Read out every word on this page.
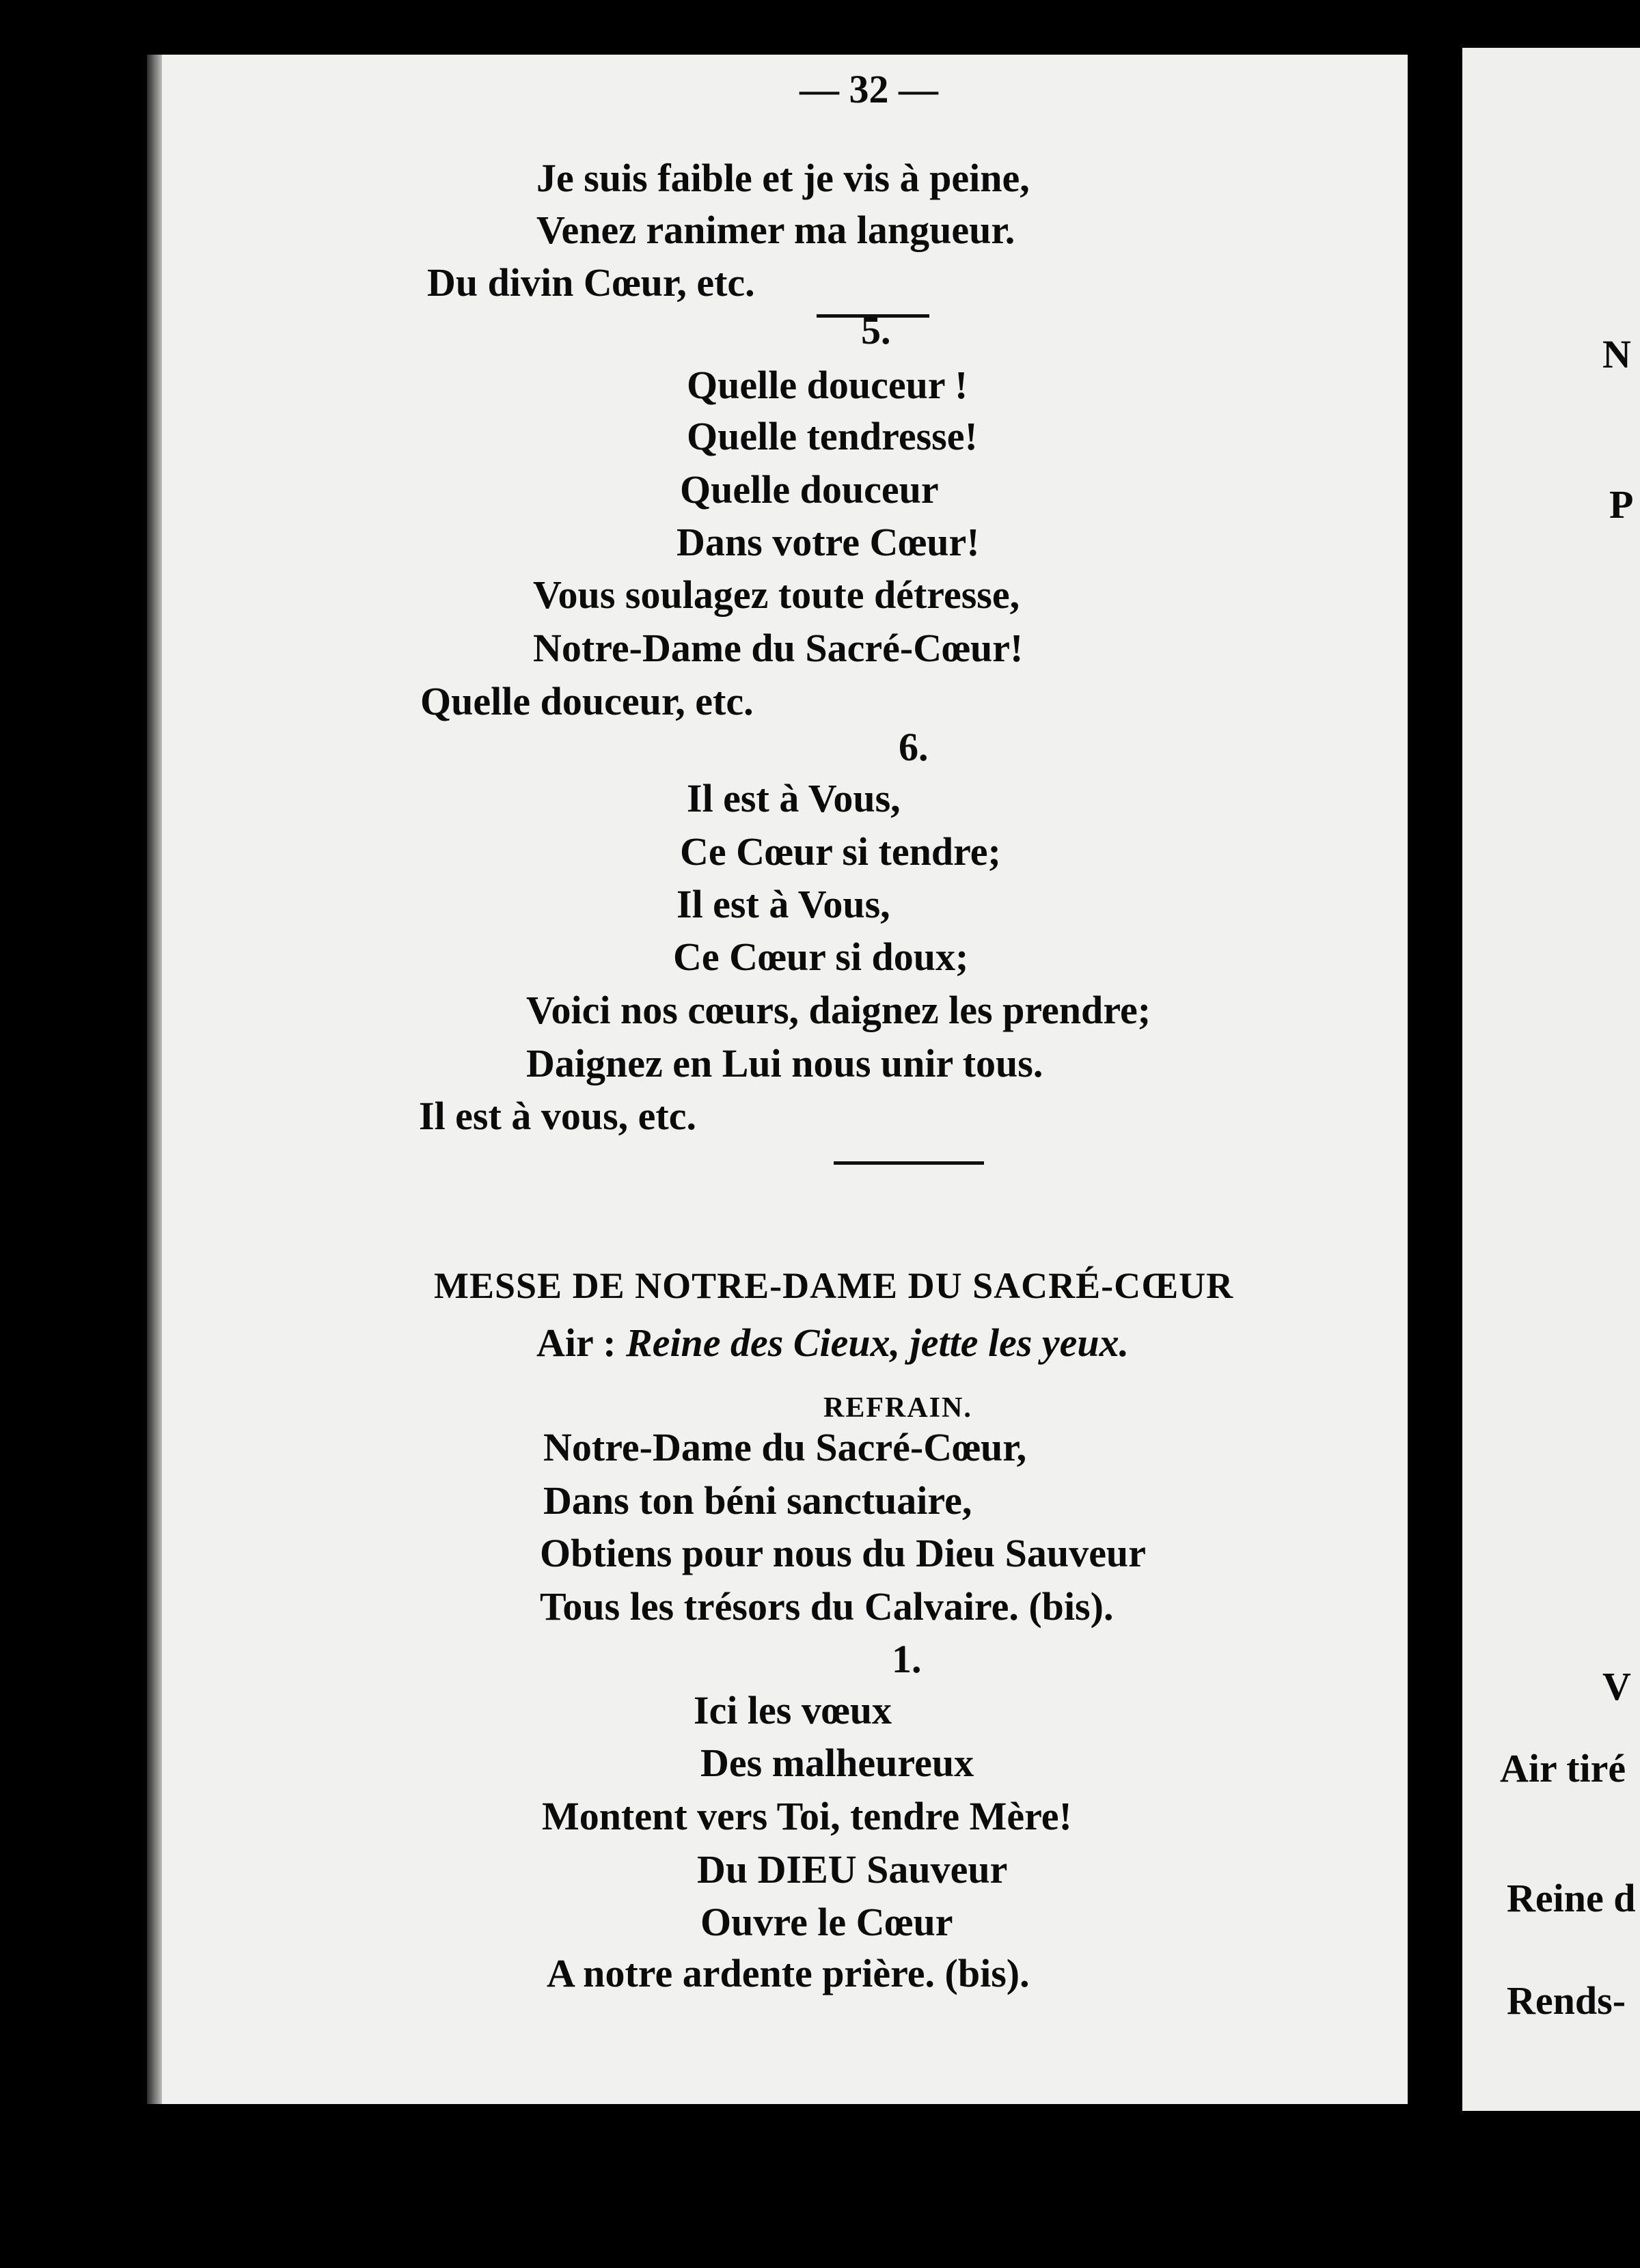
— 32 —
Je suis faible et je vis à peine,
Venez ranimer ma langueur.
Du divin Cœur, etc.
5.
Quelle douceur !
Quelle tendresse!
Quelle douceur
Dans votre Cœur!
Vous soulagez toute détresse,
Notre-Dame du Sacré-Cœur!
Quelle douceur, etc.
6.
Il est à Vous,
Ce Cœur si tendre;
Il est à Vous,
Ce Cœur si doux;
Voici nos cœurs, daignez les prendre;
Daignez en Lui nous unir tous.
Il est à vous, etc.
MESSE DE NOTRE-DAME DU SACRÉ-CŒUR
Air : Reine des Cieux, jette les yeux.
REFRAIN.
Notre-Dame du Sacré-Cœur,
Dans ton béni sanctuaire,
Obtiens pour nous du Dieu Sauveur
Tous les trésors du Calvaire. (bis).
1.
Ici les vœux
Des malheureux
Montent vers Toi, tendre Mère!
Du DIEU Sauveur
Ouvre le Cœur
A notre ardente prière. (bis).
N
P
V
Air tiré
Reine d
Rends-
